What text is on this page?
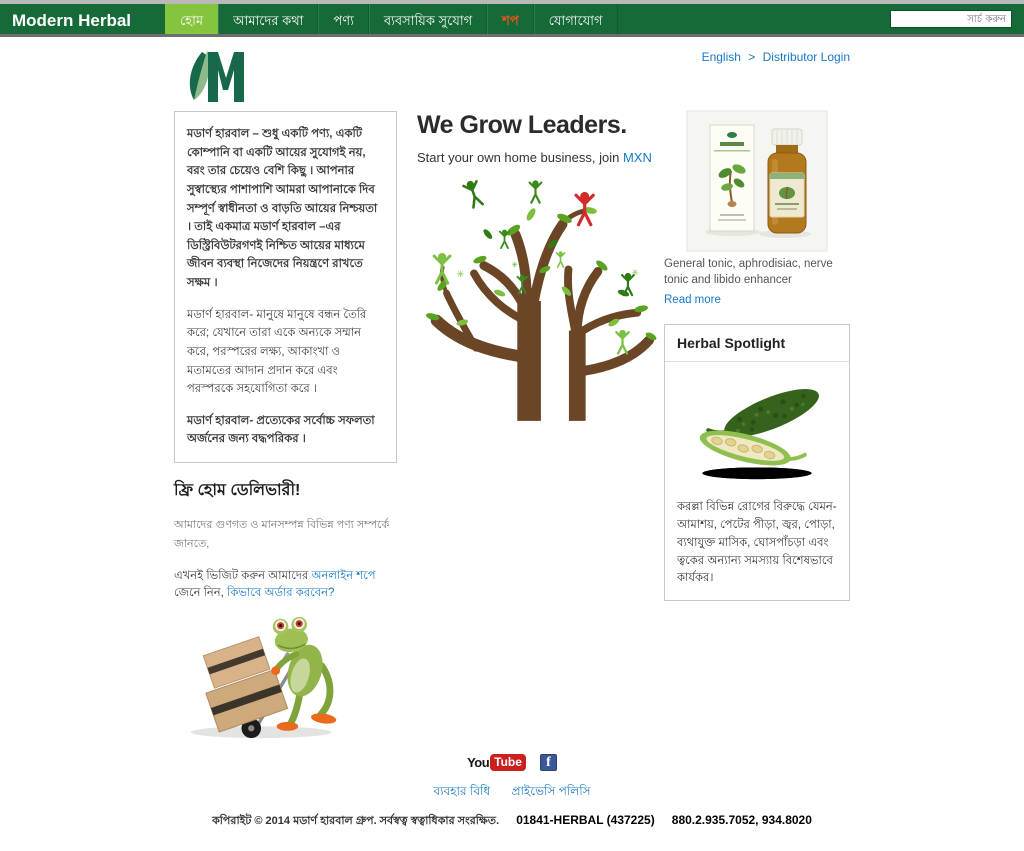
Modern Herbal	হোম	আমাদের কথা	পণ্য	ব্যবসায়িক সুযোগ	শপ	যোগাযোগ
সার্চ করুন
English > Distributor Login

মডার্ণ হারবাল – শুধু একটি পণ্য, একটি কোম্পানি বা একটি আয়ের সুযোগই নয়, বরং তার চেয়েও বেশি কিছু । আপনার সুস্বাস্থ্যের পাশাপাশি আমরা আপানাকে দিব সম্পূর্ণ স্বাধীনতা ও বাড়তি আয়ের নিশ্চয়তা । তাই একমাত্র মডার্ণ হারবাল –এর ডিস্ট্রিবিউটরগণই নিশ্চিত আয়ের মাধ্যমে জীবন ব্যবস্থা নিজেদের নিয়ন্ত্রণে রাখতে সক্ষম ।

মডার্ণ হারবাল- মানুষে মানুষে বন্ধন তৈরি করে; যেখানে তারা একে অন্যকে সম্মান করে, পরস্পরের লক্ষ্য, আকাংখা ও মতামতের আদান প্রদান করে এবং পরস্পরকে সহযোগিতা করে ।

মডার্ণ হারবাল- প্রত্যেকের সর্বোচ্চ সফলতা অর্জনের জন্য বদ্ধপরিকর ।

ফ্রি হোম ডেলিভারী!
আমাদের গুণগত ও মানসম্পন্ন বিভিন্ন পণ্য সম্পর্কে জানতে,
এখনই ভিজিট করুন আমাদের অনলাইন শপে
জেনে নিন, কিভাবে অর্ডার করবেন?
We Grow Leaders.
Start your own home business, join MXN
✳	✳
✳	General tonic, aphrodisiac, nerve tonic and libido enhancer
Read more
Herbal Spotlight
করল্লা বিভিন্ন রোগের বিরুদ্ধে যেমন- আমাশয়, পেটের পীড়া, জ্বর, পোড়া, ব্যথাযুক্ত মাসিক, ঘোসপাঁচড়া এবং ত্বকের অন্যান্য সমস্যায় বিশেষভাবে কার্যকর।
You Tube	f
ব্যবহার বিধি প্রাইভেসি পলিসি
কপিরাইট © 2014 মডার্ণ হারবাল গ্রুপ. সর্বস্বত্ব স্বত্বাধিকার সংরক্ষিত. 01841-HERBAL (437225) 880.2.935.7052, 934.8020
